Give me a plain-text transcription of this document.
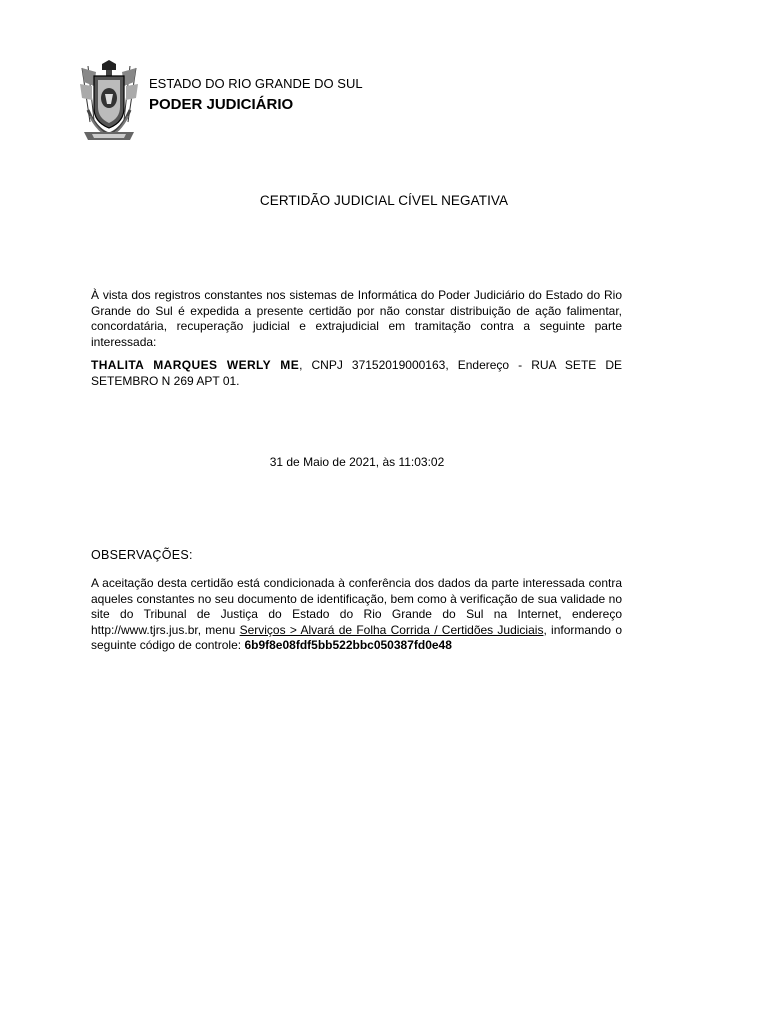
ESTADO DO RIO GRANDE DO SUL
PODER JUDICIÁRIO
CERTIDÃO JUDICIAL CÍVEL NEGATIVA

À vista dos registros constantes nos sistemas de Informática do Poder Judiciário do Estado do Rio Grande do Sul é expedida a presente certidão por não constar distribuição de ação falimentar, concordatária, recuperação judicial e extrajudicial em tramitação contra a seguinte parte interessada:

THALITA MARQUES WERLY ME, CNPJ 37152019000163, Endereço - RUA SETE DE SETEMBRO N 269 APT 01.

31 de Maio de 2021, às 11:03:02
OBSERVAÇÕES:

A aceitação desta certidão está condicionada à conferência dos dados da parte interessada contra aqueles constantes no seu documento de identificação, bem como à verificação de sua validade no site do Tribunal de Justiça do Estado do Rio Grande do Sul na Internet, endereço http://www.tjrs.jus.br, menu Serviços > Alvará de Folha Corrida / Certidões Judiciais, informando o seguinte código de controle: 6b9f8e08fdf5bb522bbc050387fd0e48
